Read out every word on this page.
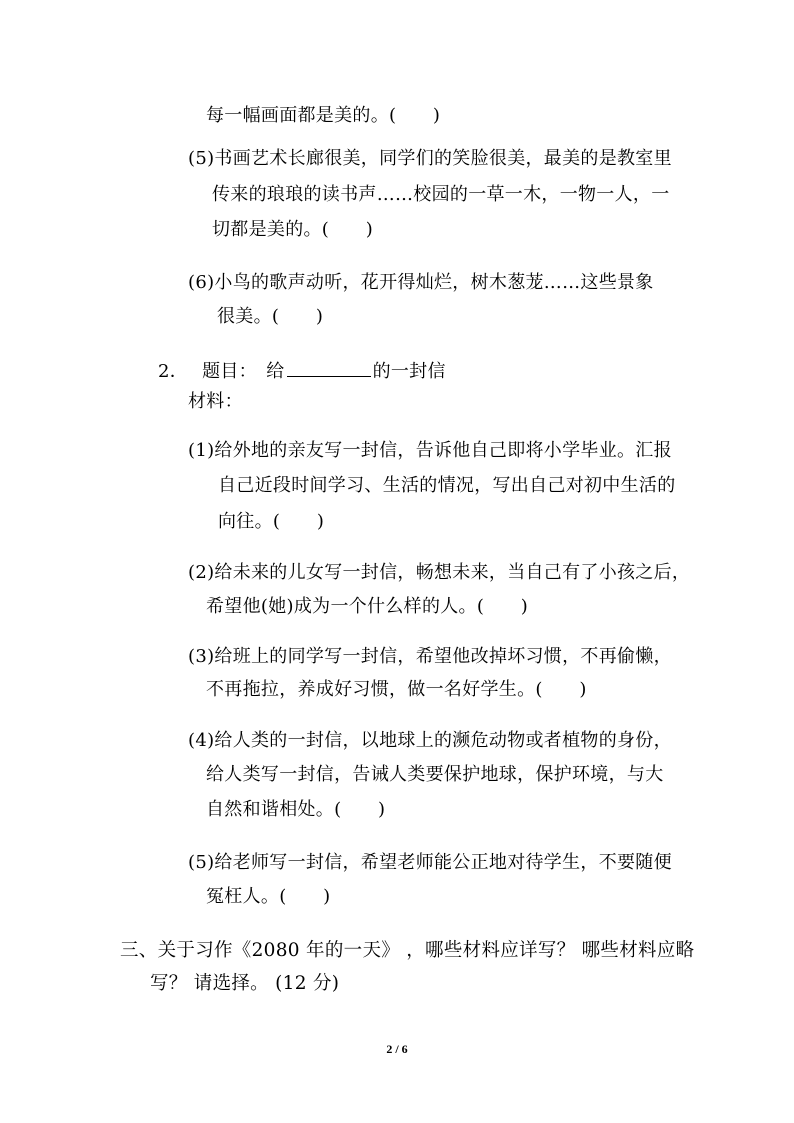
每一幅画面都是美的。(　　)
(5)书画艺术长廊很美，同学们的笑脸很美，最美的是教室里
传来的琅琅的读书声……校园的一草一木，一物一人，一
切都是美的。(　　)
(6)小鸟的歌声动听，花开得灿烂，树木葱茏……这些景象
很美。(　　)
2． 题目：　给	的一封信
材料：
(1)给外地的亲友写一封信，告诉他自己即将小学毕业。汇报
自己近段时间学习、生活的情况，写出自己对初中生活的
向往。(　　)
(2)给未来的儿女写一封信，畅想未来，当自己有了小孩之后，
希望他(她)成为一个什么样的人。(　　)
(3)给班上的同学写一封信，希望他改掉坏习惯，不再偷懒，
不再拖拉，养成好习惯，做一名好学生。(　　)
(4)给人类的一封信，以地球上的濒危动物或者植物的身份，
给人类写一封信，告诫人类要保护地球，保护环境，与大
自然和谐相处。(　　)
(5)给老师写一封信，希望老师能公正地对待学生，不要随便
冤枉人。(　　)
三、关于习作《2080 年的一天》 ，哪些材料应详写？ 哪些材料应略
写？ 请选择。 (12 分)
2 / 6
